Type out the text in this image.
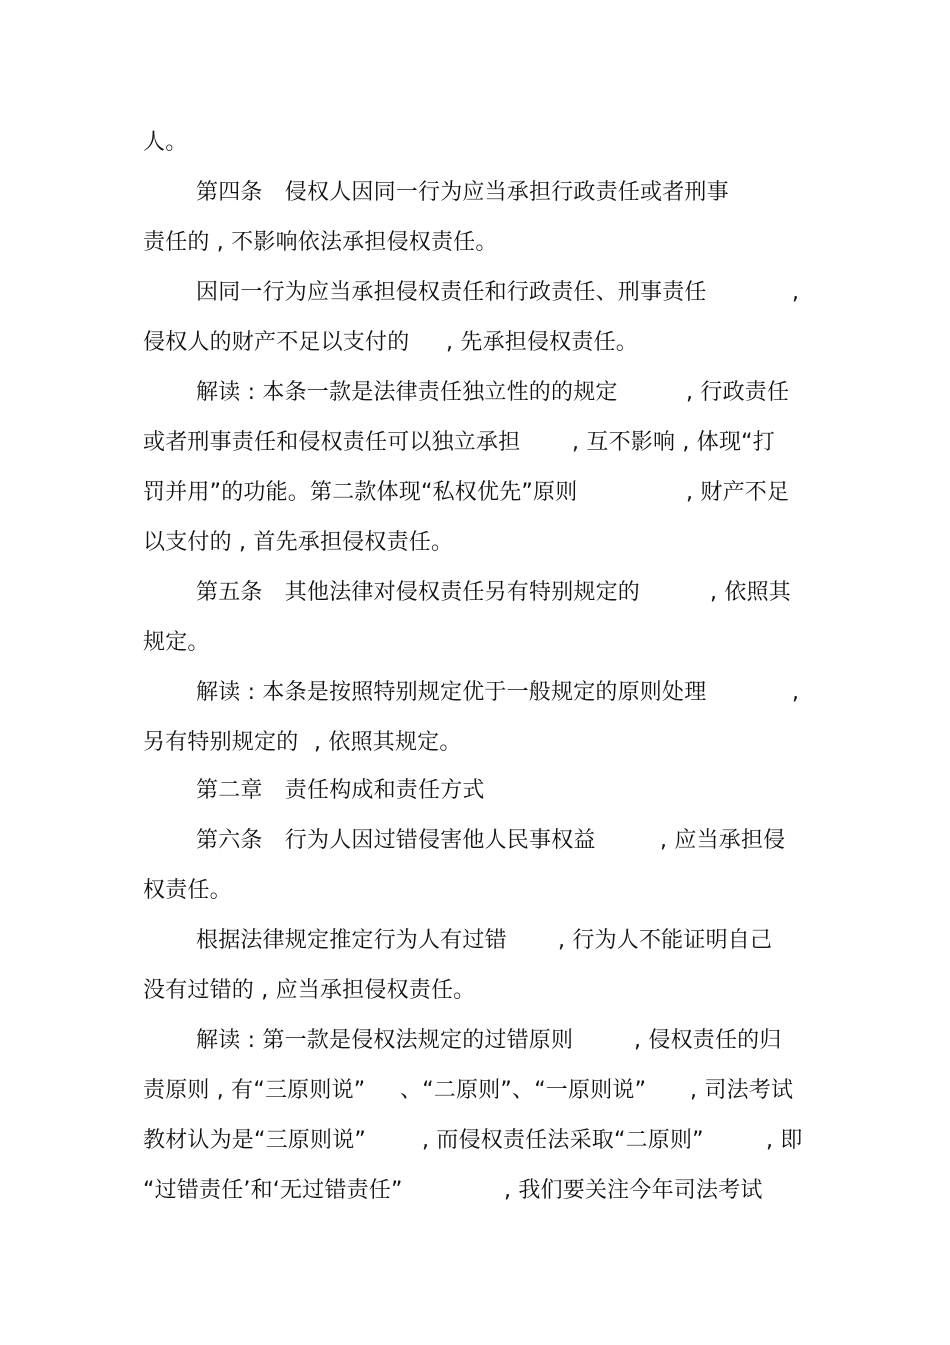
人。
第四条　侵权人因同一行为应当承担行政责任或者刑事
责任的 , 不影响依法承担侵权责任。
因同一行为应当承担侵权责任和行政责任、刑事责任	,
侵权人的财产不足以支付的 , 先承担侵权责任。
解读 : 本条一款是法律责任独立性的的规定	, 行政责任
或者刑事责任和侵权责任可以独立承担 , 互不影响 , 体现“打
罚并用”的功能。第二款体现“私权优先”原则	, 财产不足
以支付的 , 首先承担侵权责任。
第五条　其他法律对侵权责任另有特别规定的	, 依照其
规定。
解读 : 本条是按照特别规定优于一般规定的原则处理	,
另有特别规定的 , 依照其规定。
第二章　责任构成和责任方式
第六条　行为人因过错侵害他人民事权益	, 应当承担侵
权责任。
根据法律规定推定行为人有过错 , 行为人不能证明自己
没有过错的 , 应当承担侵权责任。
解读 : 第一款是侵权法规定的过错原则	, 侵权责任的归
责原则 , 有“三原则说” 、“二原则”、“一原则说” , 司法考试
教材认为是“三原则说”	, 而侵权责任法采取“二原则”	, 即
“过错责任’和‘无过错责任”	, 我们要关注今年司法考试
